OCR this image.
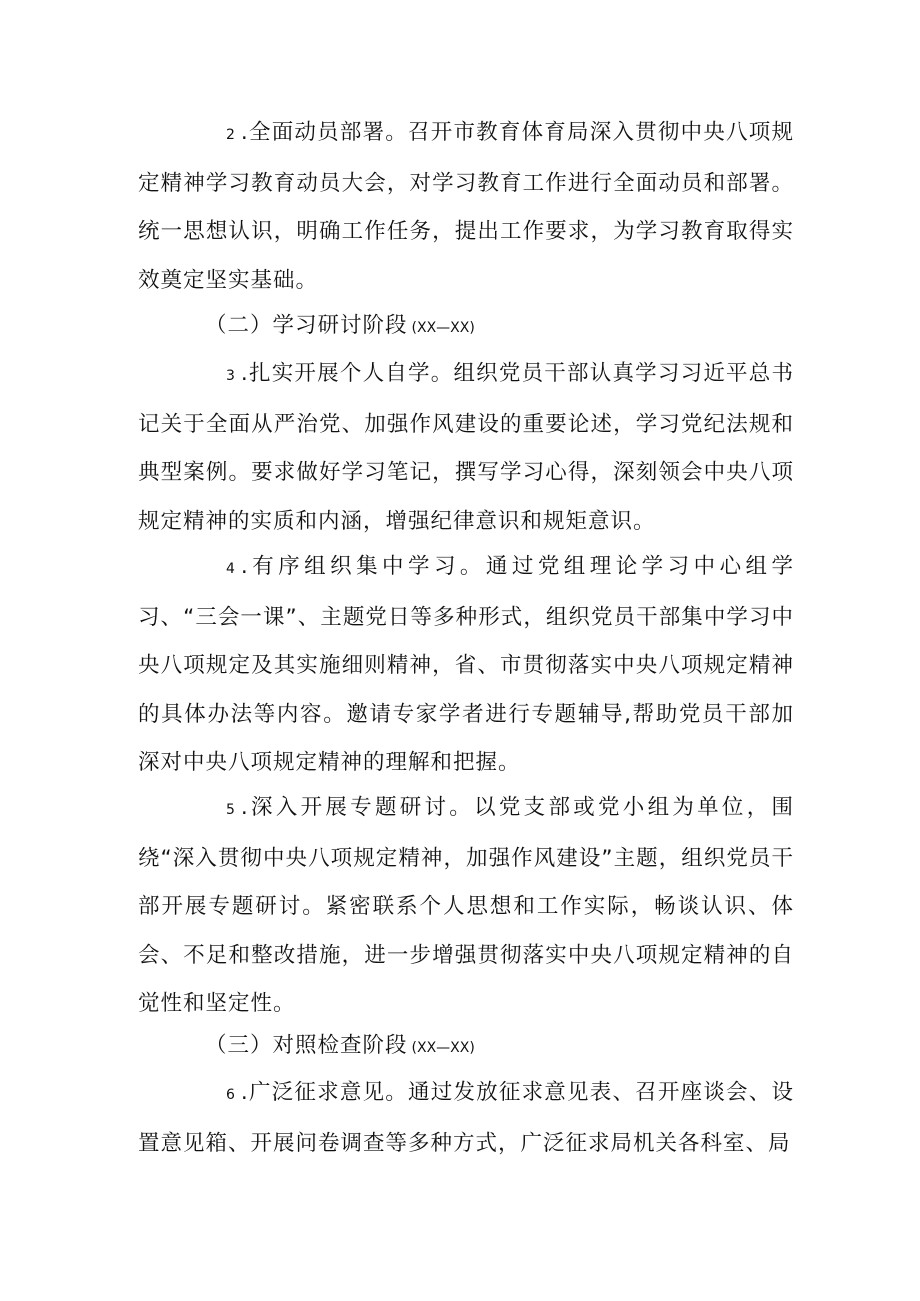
2 .全面动员部署。召开市教育体育局深入贯彻中央八项规定精神学习教育动员大会，对学习教育工作进行全面动员和部署。统一思想认识，明确工作任务，提出工作要求，为学习教育取得实效奠定坚实基础。

（二）学习研讨阶段 (XX—XX)

3 .扎实开展个人自学。组织党员干部认真学习习近平总书记关于全面从严治党、加强作风建设的重要论述，学习党纪法规和典型案例。要求做好学习笔记，撰写学习心得，深刻领会中央八项规定精神的实质和内涵，增强纪律意识和规矩意识。

4 .有序组织集中学习。通过党组理论学习中心组学习、“三会一课”、主题党日等多种形式，组织党员干部集中学习中央八项规定及其实施细则精神，省、市贯彻落实中央八项规定精神的具体办法等内容。邀请专家学者进行专题辅导,帮助党员干部加深对中央八项规定精神的理解和把握。

5 .深入开展专题研讨。以党支部或党小组为单位，围绕“深入贯彻中央八项规定精神，加强作风建设”主题，组织党员干部开展专题研讨。紧密联系个人思想和工作实际，畅谈认识、体会、不足和整改措施，进一步增强贯彻落实中央八项规定精神的自觉性和坚定性。

（三）对照检查阶段 (XX—XX)

6 .广泛征求意见。通过发放征求意见表、召开座谈会、设置意见箱、开展问卷调查等多种方式，广泛征求局机关各科室、局
